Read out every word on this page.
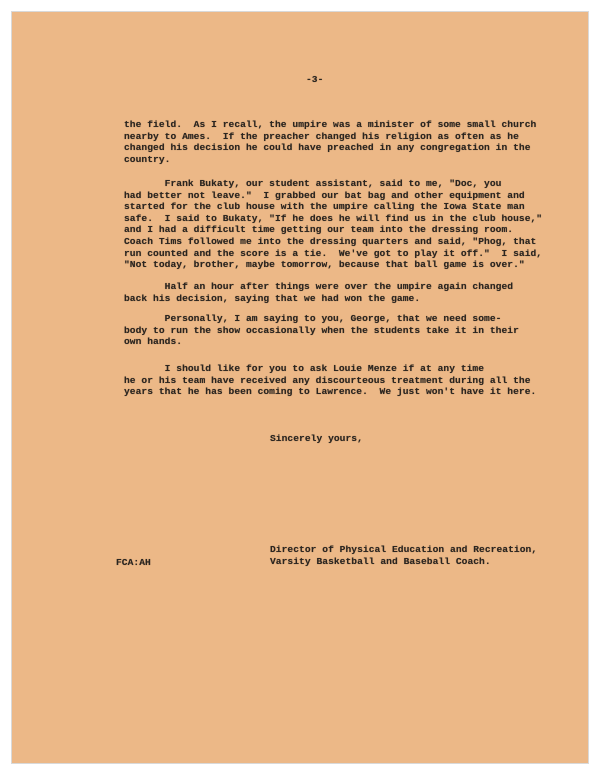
-3-

the field.  As I recall, the umpire was a minister of some small church
nearby to Ames.  If the preacher changed his religion as often as he
changed his decision he could have preached in any congregation in the
country.

Frank Bukaty, our student assistant, said to me, "Doc, you
had better not leave."  I grabbed our bat bag and other equipment and
started for the club house with the umpire calling the Iowa State man
safe.  I said to Bukaty, "If he does he will find us in the club house,"
and I had a difficult time getting our team into the dressing room.
Coach Tims followed me into the dressing quarters and said, "Phog, that
run counted and the score is a tie.  We've got to play it off."  I said,
"Not today, brother, maybe tomorrow, because that ball game is over."

Half an hour after things were over the umpire again changed
back his decision, saying that we had won the game.

Personally, I am saying to you, George, that we need some-
body to run the show occasionally when the students take it in their
own hands.

I should like for you to ask Louie Menze if at any time
he or his team have received any discourteous treatment during all the
years that he has been coming to Lawrence.  We just won't have it here.

Sincerely yours,
FCA:AH

Director of Physical Education and Recreation,
Varsity Basketball and Baseball Coach.
